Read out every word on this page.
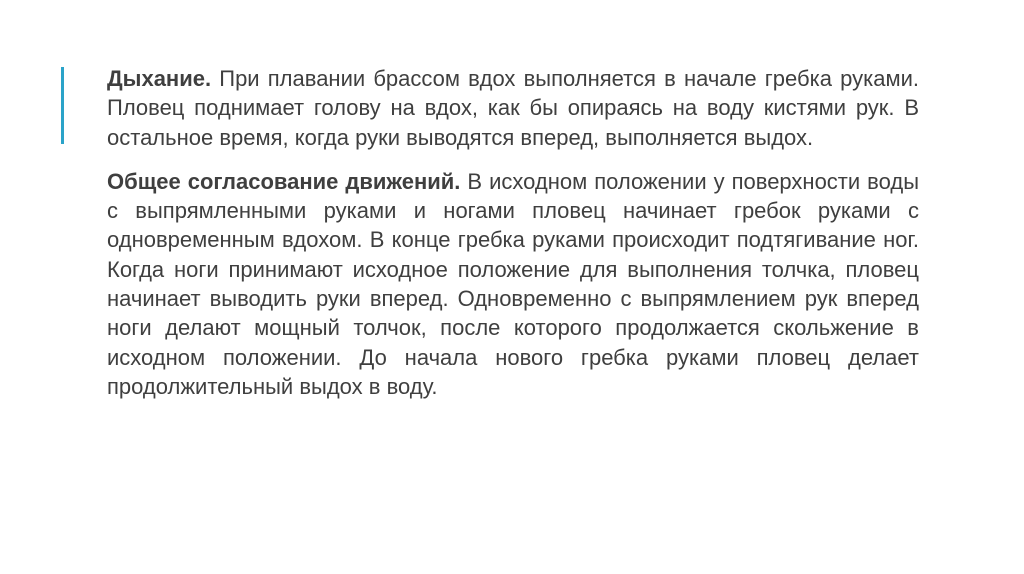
Дыхание. При плавании брассом вдох выполняется в начале гребка руками. Пловец поднимает голову на вдох, как бы опираясь на воду кистями рук. В остальное время, когда руки выводятся вперед, выполняется выдох.

Общее согласование движений. В исходном положении у поверхности воды с выпрямленными руками и ногами пловец начинает гребок руками с одновременным вдохом. В конце гребка руками происходит подтягивание ног. Когда ноги принимают исходное положение для выполнения толчка, пловец начинает выводить руки вперед. Одновременно с выпрямлением рук вперед ноги делают мощный толчок, после которого продолжается скольжение в исходном положении. До начала нового гребка руками пловец делает продолжительный выдох в воду.
